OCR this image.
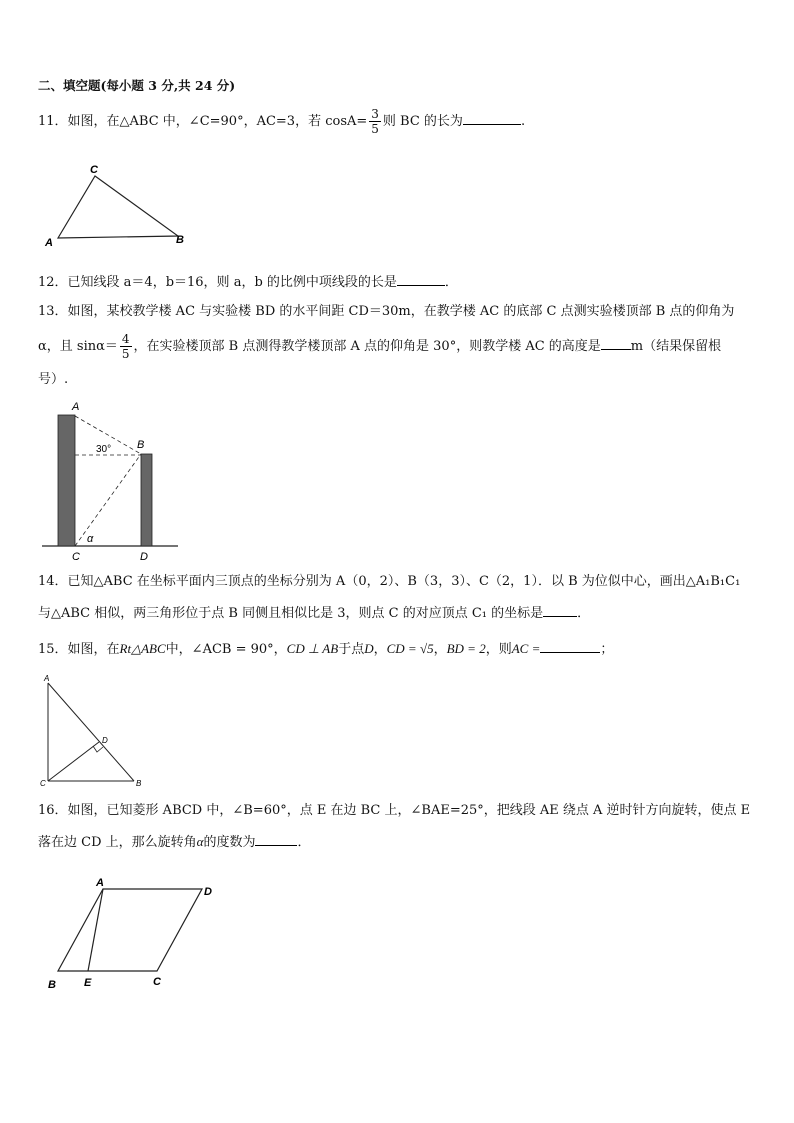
二、填空题(每小题 3 分,共 24 分)
11．如图，在△ABC 中，∠C=90°，AC=3，若 $\cos A= \frac{3}{5}$ 则 BC 的长为	.
A
C
B
12．已知线段 a＝4，b＝16，则 a，b 的比例中项线段的长是	．
13．如图，某校教学楼 AC 与实验楼 BD 的水平间距 CD＝30m，在教学楼 AC 的底部 C 点测实验楼顶部 B 点的仰角为
α，且 $\sin\alpha= \frac{4}{5}$ ，在实验楼顶部 B 点测得教学楼顶部 A 点的仰角是 30°，则教学楼 AC 的高度是 m（结果保留根
号）.
A
B
30°
α
C	D
14．已知△ABC 在坐标平面内三顶点的坐标分别为 A（0，2）、B（3，3）、C（2，1）．以 B 为位似中心，画出△A₁B₁C₁
与△ABC 相似，两三角形位于点 B 同侧且相似比是 3，则点 C 的对应顶点 C₁ 的坐标是	．
15．如图，在Rt△ABC中，∠ACB = 90°，CD ⊥ AB于点D，CD = √5，BD = 2，则AC =	；
A
C	B
D
16．如图，已知菱形 ABCD 中，∠B=60°，点 E 在边 BC 上，∠BAE=25°，把线段 AE 绕点 A 逆时针方向旋转，使点 E
落在边 CD 上，那么旋转角α的度数为	．
A
D
B	E	C
